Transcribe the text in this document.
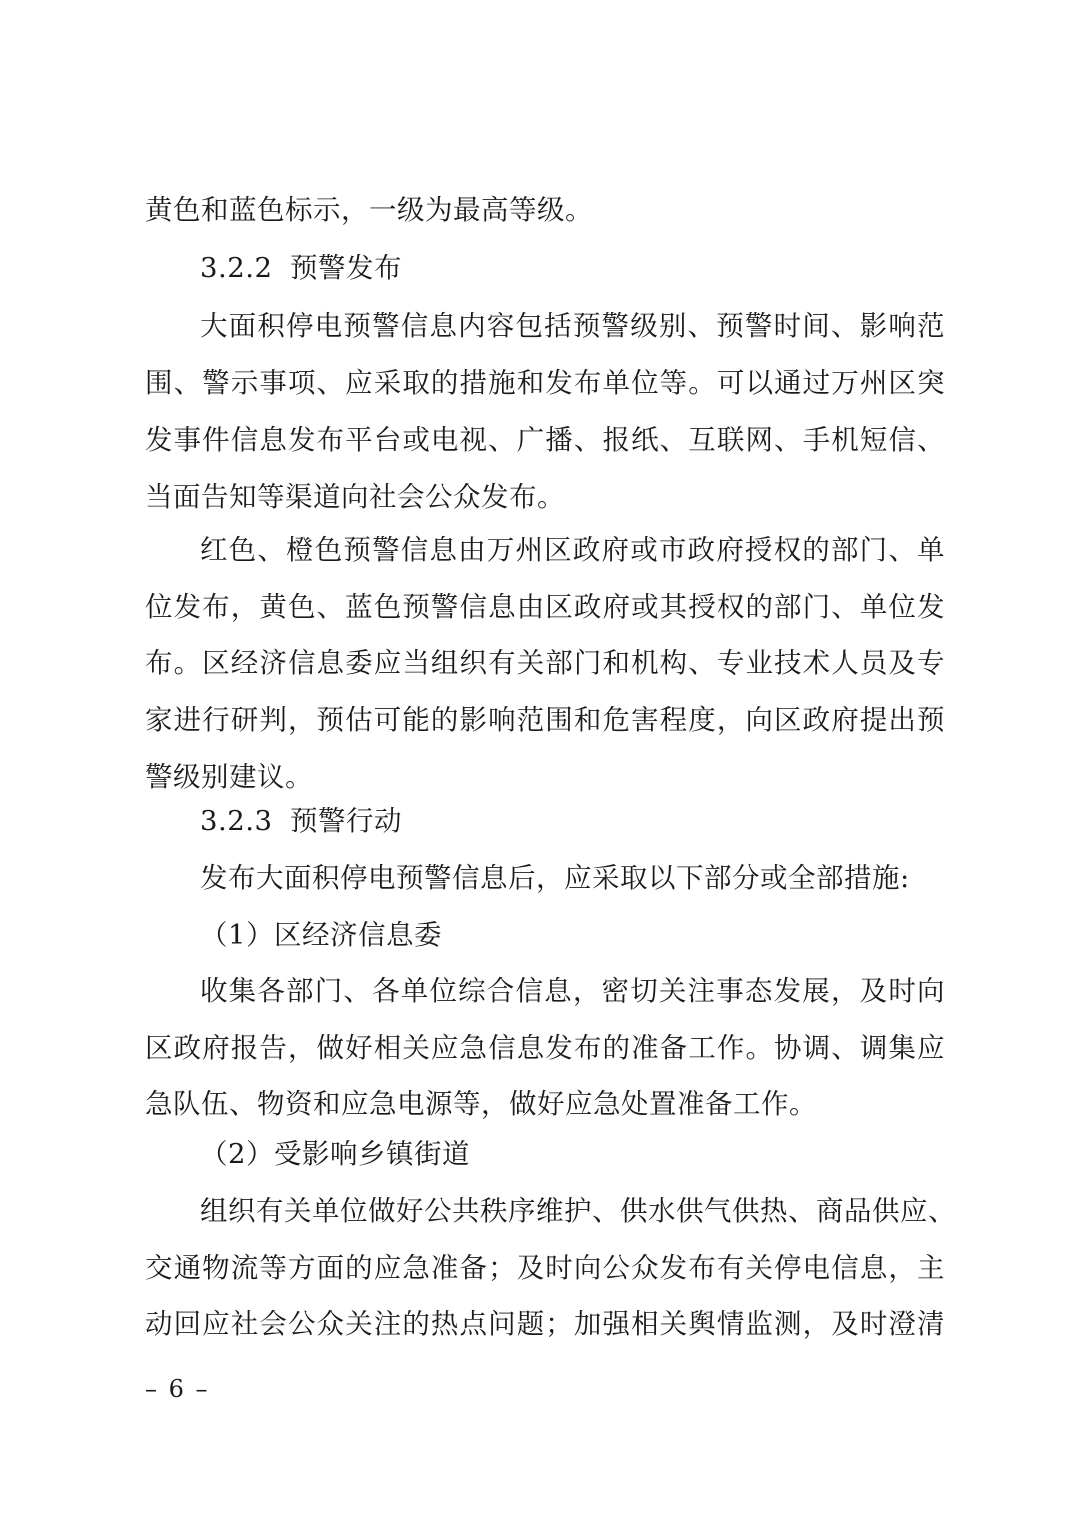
黄色和蓝色标示，一级为最高等级。
3.2.2 预警发布
大面积停电预警信息内容包括预警级别、预警时间、影响范
围、警示事项、应采取的措施和发布单位等。可以通过万州区突
发事件信息发布平台或电视、广播、报纸、互联网、手机短信、
当面告知等渠道向社会公众发布。
红色、橙色预警信息由万州区政府或市政府授权的部门、单
位发布，黄色、蓝色预警信息由区政府或其授权的部门、单位发
布。区经济信息委应当组织有关部门和机构、专业技术人员及专
家进行研判，预估可能的影响范围和危害程度，向区政府提出预
警级别建议。
3.2.3 预警行动
发布大面积停电预警信息后，应采取以下部分或全部措施:
（1）区经济信息委
收集各部门、各单位综合信息，密切关注事态发展，及时向
区政府报告，做好相关应急信息发布的准备工作。协调、调集应
急队伍、物资和应急电源等，做好应急处置准备工作。
（2）受影响乡镇街道
组织有关单位做好公共秩序维护、供水供气供热、商品供应、
交通物流等方面的应急准备；及时向公众发布有关停电信息，主
动回应社会公众关注的热点问题；加强相关舆情监测，及时澄清
– 6 –
